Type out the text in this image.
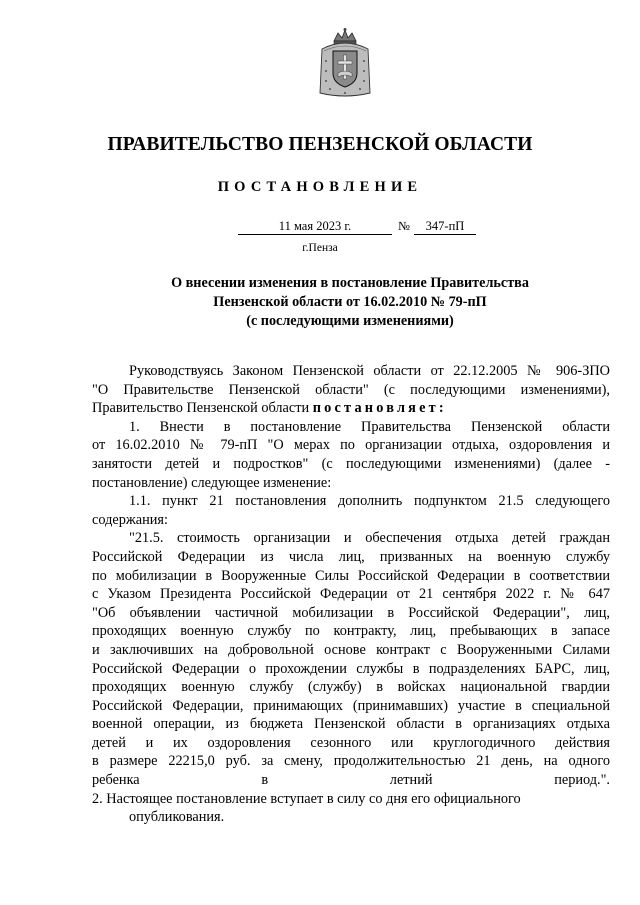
ПРАВИТЕЛЬСТВО ПЕНЗЕНСКОЙ ОБЛАСТИ
ПОСТАНОВЛЕНИЕ
11 мая 2023 г.	№	347-пП
г.Пенза
О внесении изменения в постановление Правительства
Пензенской области от 16.02.2010 № 79-пП
(с последующими изменениями)
Руководствуясь Законом Пензенской области от 22.12.2005 № 906-ЗПО
"О Правительстве Пензенской области" (с последующими изменениями),
Правительство Пензенской области постановляет:
1. Внести в постановление Правительства Пензенской области
от 16.02.2010 № 79-пП "О мерах по организации отдыха, оздоровления и
занятости детей и подростков" (с последующими изменениями) (далее -
постановление) следующее изменение:
1.1. пункт 21 постановления дополнить подпунктом 21.5 следующего
содержания:
"21.5. стоимость организации и обеспечения отдыха детей граждан
Российской Федерации из числа лиц, призванных на военную службу
по мобилизации в Вооруженные Силы Российской Федерации в соответствии
с Указом Президента Российской Федерации от 21 сентября 2022 г. № 647
"Об объявлении частичной мобилизации в Российской Федерации", лиц,
проходящих военную службу по контракту, лиц, пребывающих в запасе
и заключивших на добровольной основе контракт с Вооруженными Силами
Российской Федерации о прохождении службы в подразделениях БАРС, лиц,
проходящих военную службу (службу) в войсках национальной гвардии
Российской Федерации, принимающих (принимавших) участие в специальной
военной операции, из бюджета Пензенской области в организациях отдыха
детей и их оздоровления сезонного или круглогодичного действия
в размере 22215,0 руб. за смену, продолжительностью 21 день, на одного
ребенка в летний период.".
2. Настоящее постановление вступает в силу со дня его официального
опубликования.
